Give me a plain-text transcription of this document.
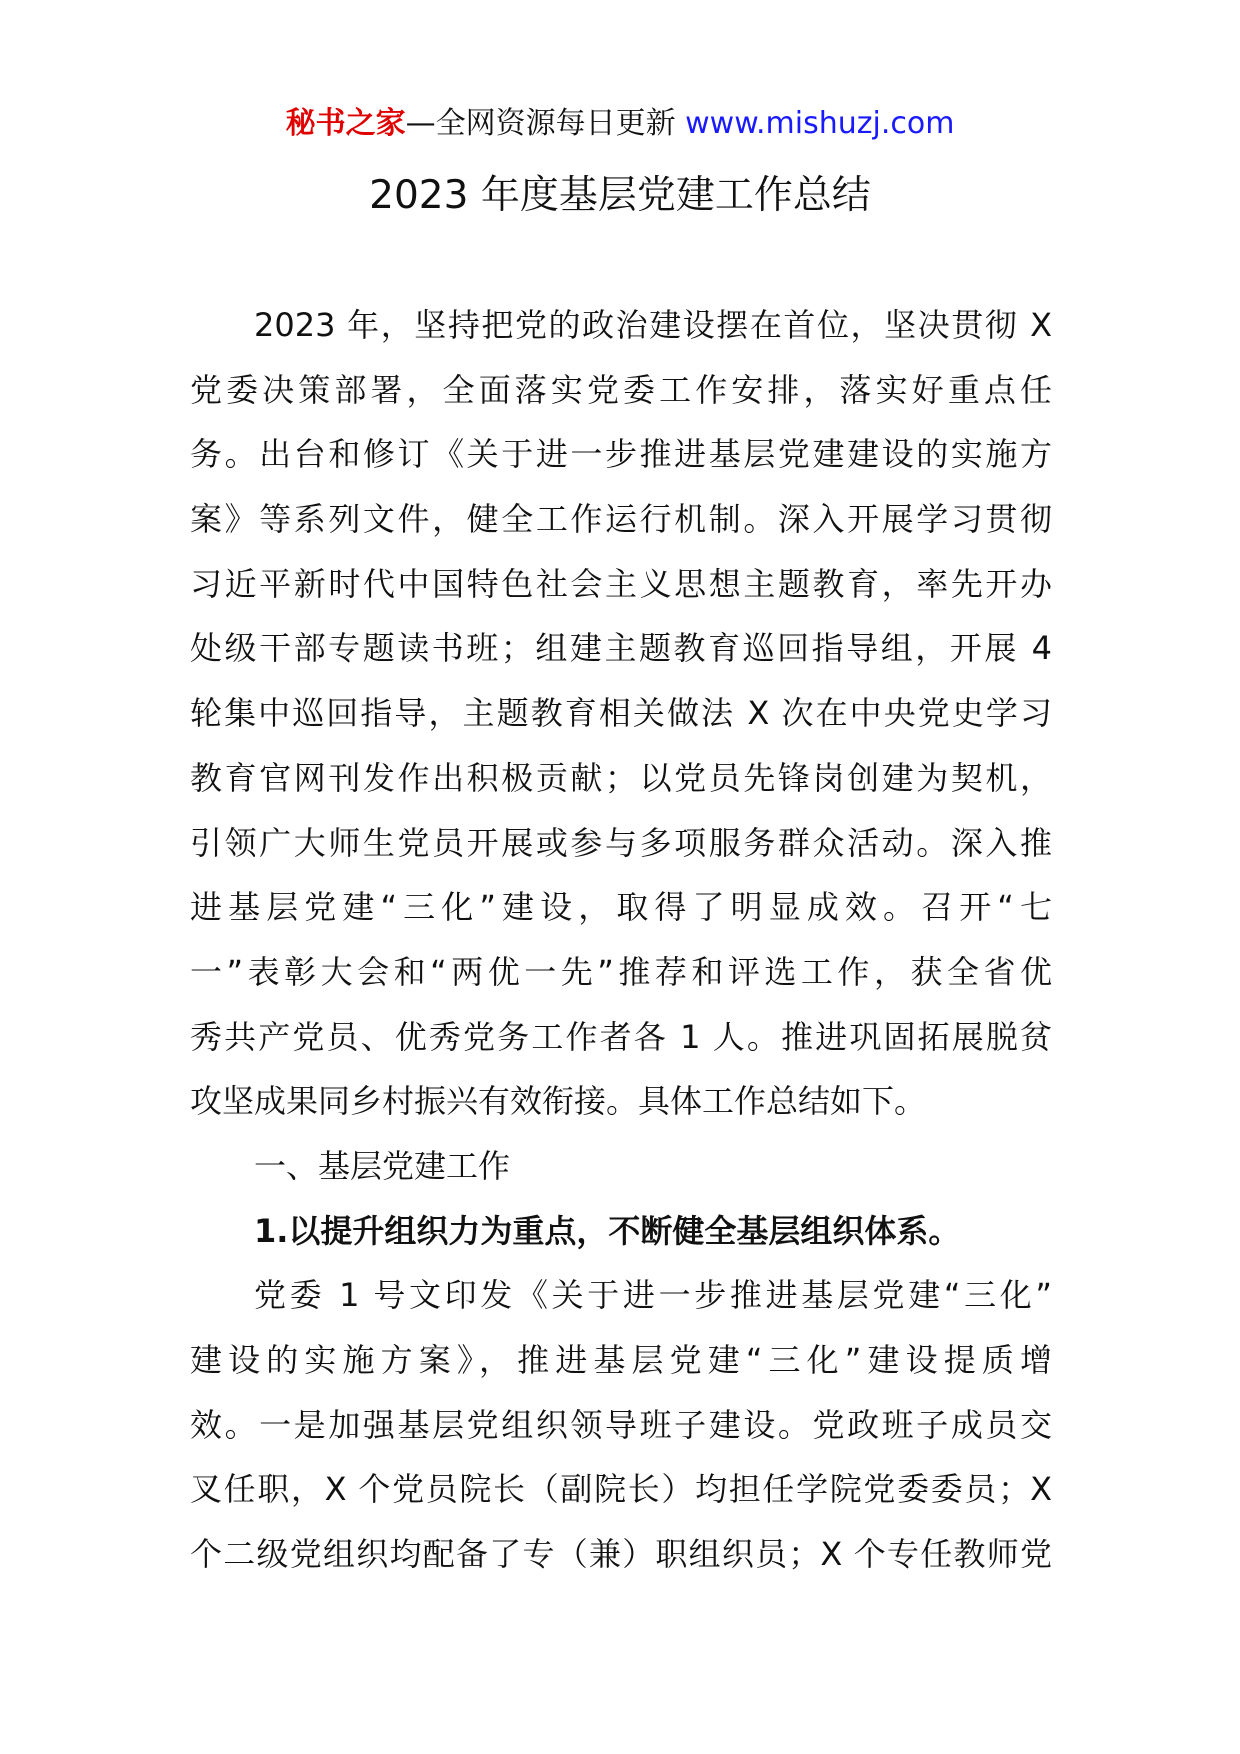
秘书之家—全网资源每日更新 www.mishuzj.com
2023 年度基层党建工作总结
2023 年，坚持把党的政治建设摆在首位，坚决贯彻 X
党委决策部署，全面落实党委工作安排，落实好重点任
务。出台和修订《关于进一步推进基层党建建设的实施方
案》等系列文件，健全工作运行机制。深入开展学习贯彻
习近平新时代中国特色社会主义思想主题教育，率先开办
处级干部专题读书班；组建主题教育巡回指导组，开展 4
轮集中巡回指导，主题教育相关做法 X 次在中央党史学习
教育官网刊发作出积极贡献；以党员先锋岗创建为契机，
引领广大师生党员开展或参与多项服务群众活动。深入推
进基层党建“三化”建设，取得了明显成效。召开“七
一”表彰大会和“两优一先”推荐和评选工作，获全省优
秀共产党员、优秀党务工作者各 1 人。推进巩固拓展脱贫
攻坚成果同乡村振兴有效衔接。具体工作总结如下。
一、基层党建工作
1.以提升组织力为重点，不断健全基层组织体系。
党委 1 号文印发《关于进一步推进基层党建“三化”
建设的实施方案》，推进基层党建“三化”建设提质增
效。一是加强基层党组织领导班子建设。党政班子成员交
叉任职，X 个党员院长（副院长）均担任学院党委委员；X
个二级党组织均配备了专（兼）职组织员；X 个专任教师党
